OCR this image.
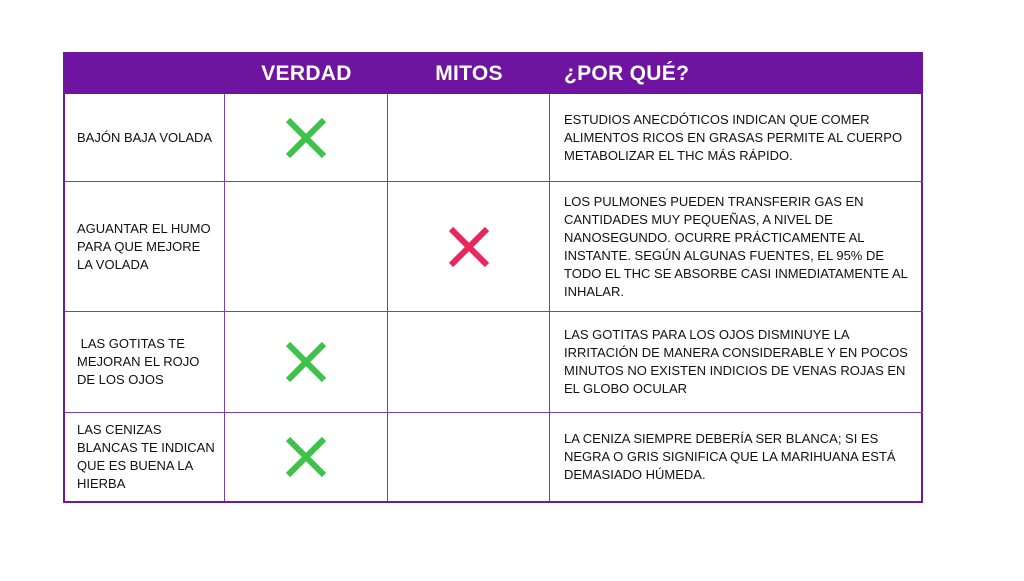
VERDAD	MITOS	¿POR QUÉ?
BAJÓN BAJA VOLADA
ESTUDIOS ANECDÓTICOS INDICAN QUE COMER ALIMENTOS RICOS EN GRASAS PERMITE AL CUERPO METABOLIZAR EL THC MÁS RÁPIDO.
AGUANTAR EL HUMO PARA QUE MEJORE LA VOLADA
LOS PULMONES PUEDEN TRANSFERIR GAS EN CANTIDADES MUY PEQUEÑAS, A NIVEL DE NANOSEGUNDO. OCURRE PRÁCTICAMENTE AL INSTANTE. SEGÚN ALGUNAS FUENTES, EL 95% DE TODO EL THC SE ABSORBE CASI INMEDIATAMENTE AL INHALAR.
LAS GOTITAS TE MEJORAN EL ROJO DE LOS OJOS
LAS GOTITAS PARA LOS OJOS DISMINUYE LA IRRITACIÓN DE MANERA CONSIDERABLE Y EN POCOS MINUTOS NO EXISTEN INDICIOS DE VENAS ROJAS EN EL GLOBO OCULAR
LAS CENIZAS BLANCAS TE INDICAN QUE ES BUENA LA HIERBA
LA CENIZA SIEMPRE DEBERÍA SER BLANCA; SI ES NEGRA O GRIS SIGNIFICA QUE LA MARIHUANA ESTÁ DEMASIADO HÚMEDA.
